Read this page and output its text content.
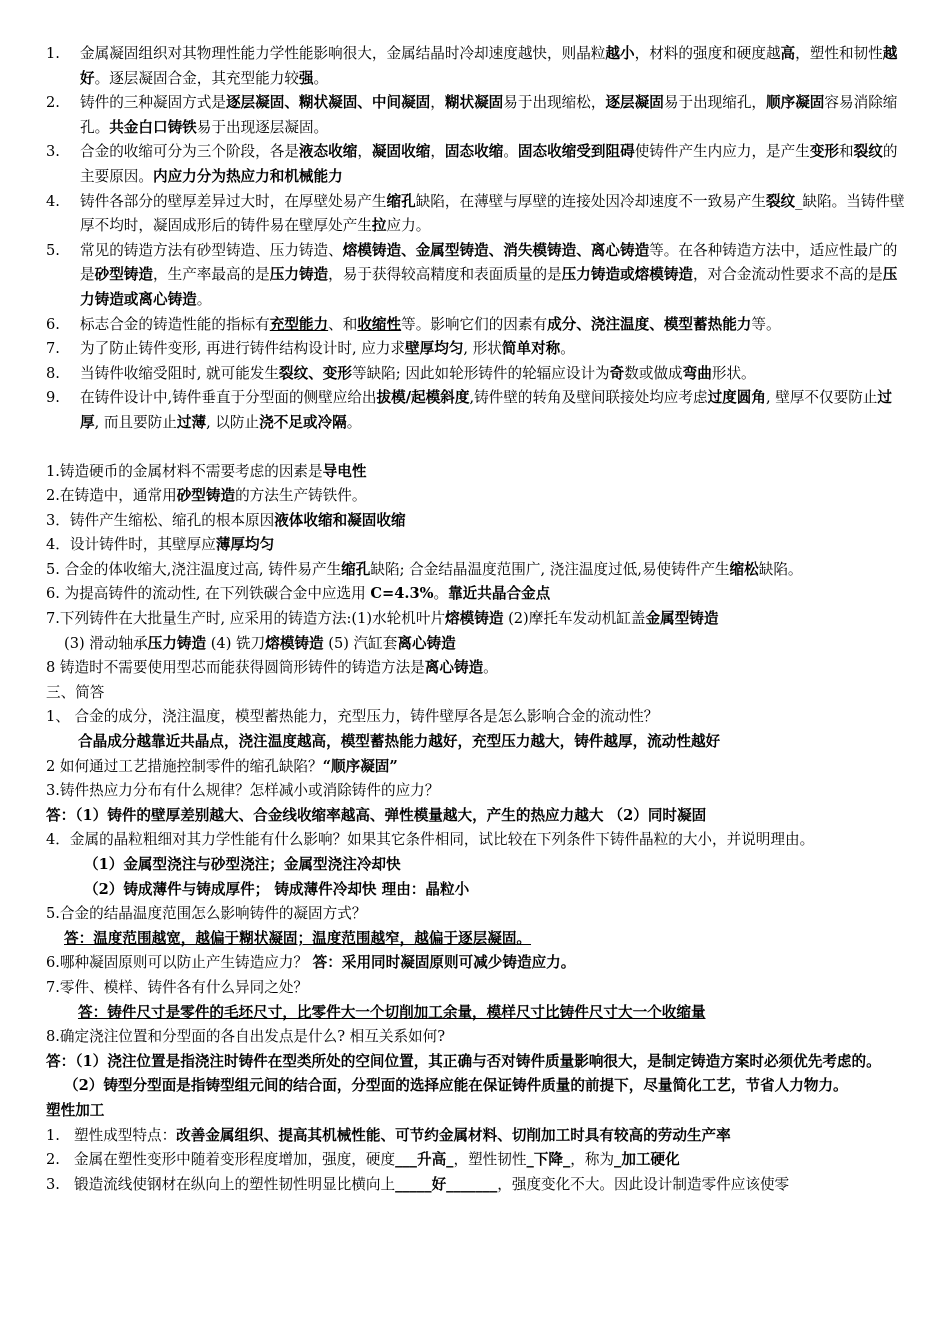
1.	金属凝固组织对其物理性能力学性能影响很大，金属结晶时冷却速度越快，则晶粒越小，材料的强度和硬度越高，塑性和韧性越好。逐层凝固合金，其充型能力较强。

2.	铸件的三种凝固方式是逐层凝固、糊状凝固、中间凝固，糊状凝固易于出现缩松，逐层凝固易于出现缩孔，顺序凝固容易消除缩孔。共金白口铸铁易于出现逐层凝固。

3.	合金的收缩可分为三个阶段，各是液态收缩，凝固收缩，固态收缩。固态收缩受到阻碍使铸件产生内应力，是产生变形和裂纹的主要原因。内应力分为热应力和机械能力

4.	铸件各部分的壁厚差异过大时，在厚壁处易产生缩孔缺陷，在薄壁与厚壁的连接处因冷却速度不一致易产生裂纹_缺陷。当铸件壁厚不均时，凝固成形后的铸件易在壁厚处产生拉应力。

5.	常见的铸造方法有砂型铸造、压力铸造、熔模铸造、金属型铸造、消失模铸造、离心铸造等。在各种铸造方法中，适应性最广的是砂型铸造，生产率最高的是压力铸造，易于获得较高精度和表面质量的是压力铸造或熔模铸造，对合金流动性要求不高的是压力铸造或离心铸造。

6.	标志合金的铸造性能的指标有充型能力、和收缩性等。影响它们的因素有成分、浇注温度、模型蓄热能力等。

7.	为了防止铸件变形, 再进行铸件结构设计时, 应力求壁厚均匀, 形状简单对称。

8.	当铸件收缩受阻时, 就可能发生裂纹、变形等缺陷; 因此如轮形铸件的轮辐应设计为奇数或做成弯曲形状。

9.	在铸件设计中,铸件垂直于分型面的侧壁应给出拔模/起模斜度,铸件壁的转角及壁间联接处均应考虑过度圆角, 壁厚不仅要防止过厚, 而且要防止过薄, 以防止浇不足或冷隔。

1.铸造硬币的金属材料不需要考虑的因素是导电性

2.在铸造中，通常用砂型铸造的方法生产铸铁件。

3．铸件产生缩松、缩孔的根本原因液体收缩和凝固收缩

4．设计铸件时，其壁厚应薄厚均匀

5. 合金的体收缩大,浇注温度过高, 铸件易产生缩孔缺陷; 合金结晶温度范围广, 浇注温度过低,易使铸件产生缩松缺陷。

6. 为提高铸件的流动性, 在下列铁碳合金中应选用 C=4.3%。靠近共晶合金点

7.下列铸件在大批量生产时, 应采用的铸造方法:(1)水轮机叶片熔模铸造 (2)摩托车发动机缸盖金属型铸造

(3) 滑动轴承压力铸造 (4) 铣刀熔模铸造 (5) 汽缸套离心铸造

8 铸造时不需要使用型芯而能获得圆筒形铸件的铸造方法是离心铸造。

三、简答

1、 合金的成分，浇注温度，模型蓄热能力，充型压力，铸件壁厚各是怎么影响合金的流动性？

合晶成分越靠近共晶点，浇注温度越高，模型蓄热能力越好，充型压力越大，铸件越厚，流动性越好

2 如何通过工艺措施控制零件的缩孔缺陷？“顺序凝固”

3.铸件热应力分布有什么规律？怎样减小或消除铸件的应力？

答：（1）铸件的壁厚差别越大、合金线收缩率越高、弹性模量越大，产生的热应力越大 （2）同时凝固

4．金属的晶粒粗细对其力学性能有什么影响？如果其它条件相同，试比较在下列条件下铸件晶粒的大小，并说明理由。

（1）金属型浇注与砂型浇注；金属型浇注冷却快

（2）铸成薄件与铸成厚件； 铸成薄件冷却快 理由：晶粒小

5.合金的结晶温度范围怎么影响铸件的凝固方式？

答：温度范围越宽，越偏于糊状凝固；温度范围越窄，越偏于逐层凝固。

6.哪种凝固原则可以防止产生铸造应力？ 答：采用同时凝固原则可减少铸造应力。

7.零件、模样、铸件各有什么异同之处？

答：铸件尺寸是零件的毛坯尺寸，比零件大一个切削加工余量，模样尺寸比铸件尺寸大一个收缩量

8.确定浇注位置和分型面的各自出发点是什么? 相互关系如何?

答：（1）浇注位置是指浇注时铸件在型类所处的空间位置，其正确与否对铸件质量影响很大，是制定铸造方案时必须优先考虑的。

（2）铸型分型面是指铸型组元间的结合面，分型面的选择应能在保证铸件质量的前提下，尽量简化工艺，节省人力物力。

塑性加工

1. 塑性成型特点：改善金属组织、提高其机械性能、可节约金属材料、切削加工时具有较高的劳动生产率

2. 金属在塑性变形中随着变形程度增加，强度，硬度___升高_，塑性韧性_下降_，称为_加工硬化

3. 锻造流线使钢材在纵向上的塑性韧性明显比横向上_____好_______，强度变化不大。因此设计制造零件应该使零
